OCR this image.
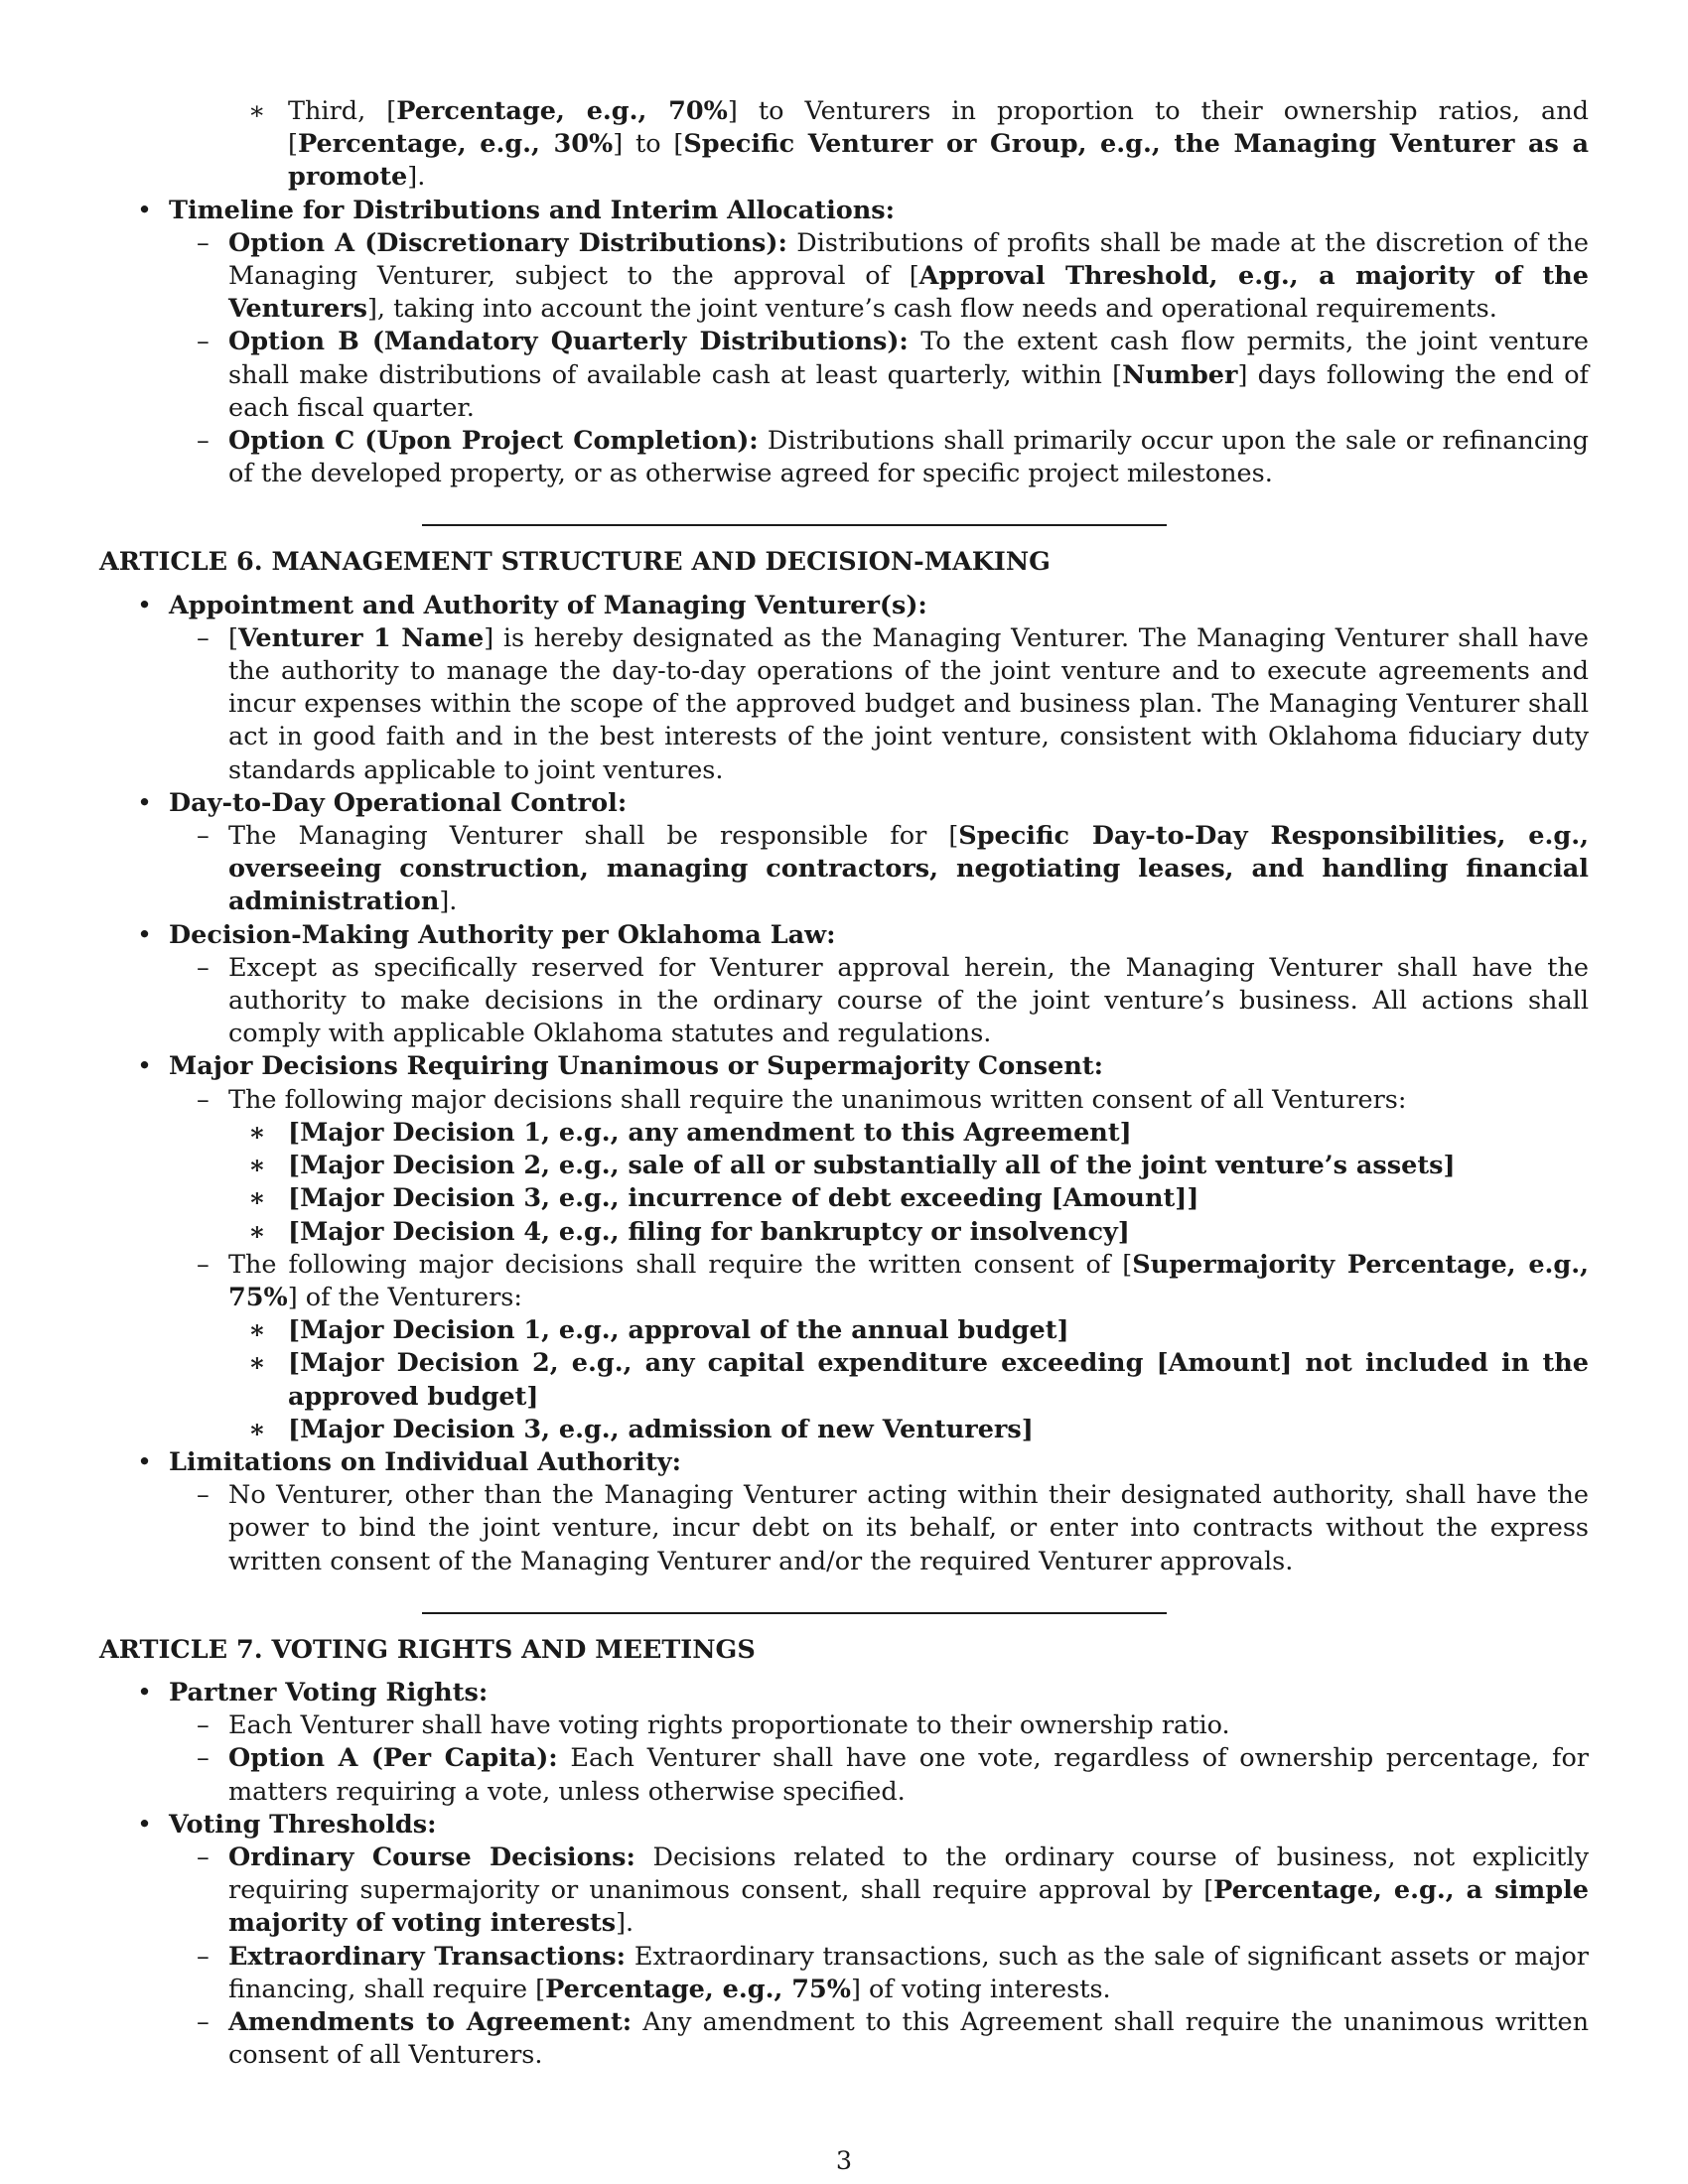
∗ Third, [Percentage, e.g., 70%] to Venturers in proportion to their ownership ratios, and [Percentage, e.g., 30%] to [Specific Venturer or Group, e.g., the Managing Venturer as a promote].
• Timeline for Distributions and Interim Allocations:
– Option A (Discretionary Distributions): Distributions of profits shall be made at the discretion of the Managing Venturer, subject to the approval of [Approval Threshold, e.g., a majority of the Venturers], taking into account the joint venture’s cash flow needs and operational requirements.
– Option B (Mandatory Quarterly Distributions): To the extent cash flow permits, the joint venture shall make distributions of available cash at least quarterly, within [Number] days following the end of each fiscal quarter.
– Option C (Upon Project Completion): Distributions shall primarily occur upon the sale or refinancing of the developed property, or as otherwise agreed for specific project milestones.
ARTICLE 6. MANAGEMENT STRUCTURE AND DECISION-MAKING
• Appointment and Authority of Managing Venturer(s):
– [Venturer 1 Name] is hereby designated as the Managing Venturer. The Managing Venturer shall have the authority to manage the day-to-day operations of the joint venture and to execute agreements and incur expenses within the scope of the approved budget and business plan. The Managing Venturer shall act in good faith and in the best interests of the joint venture, consistent with Oklahoma fiduciary duty standards applicable to joint ventures.
• Day-to-Day Operational Control:
– The Managing Venturer shall be responsible for [Specific Day-to-Day Responsibilities, e.g., overseeing construction, managing contractors, negotiating leases, and handling financial administration].
• Decision-Making Authority per Oklahoma Law:
– Except as specifically reserved for Venturer approval herein, the Managing Venturer shall have the authority to make decisions in the ordinary course of the joint venture’s business. All actions shall comply with applicable Oklahoma statutes and regulations.
• Major Decisions Requiring Unanimous or Supermajority Consent:
– The following major decisions shall require the unanimous written consent of all Venturers:
∗ [Major Decision 1, e.g., any amendment to this Agreement]
∗ [Major Decision 2, e.g., sale of all or substantially all of the joint venture’s assets]
∗ [Major Decision 3, e.g., incurrence of debt exceeding [Amount]]
∗ [Major Decision 4, e.g., filing for bankruptcy or insolvency]
– The following major decisions shall require the written consent of [Supermajority Percentage, e.g., 75%] of the Venturers:
∗ [Major Decision 1, e.g., approval of the annual budget]
∗ [Major Decision 2, e.g., any capital expenditure exceeding [Amount] not included in the approved budget]
∗ [Major Decision 3, e.g., admission of new Venturers]
• Limitations on Individual Authority:
– No Venturer, other than the Managing Venturer acting within their designated authority, shall have the power to bind the joint venture, incur debt on its behalf, or enter into contracts without the express written consent of the Managing Venturer and/or the required Venturer approvals.
ARTICLE 7. VOTING RIGHTS AND MEETINGS
• Partner Voting Rights:
– Each Venturer shall have voting rights proportionate to their ownership ratio.
– Option A (Per Capita): Each Venturer shall have one vote, regardless of ownership percentage, for matters requiring a vote, unless otherwise specified.
• Voting Thresholds:
– Ordinary Course Decisions: Decisions related to the ordinary course of business, not explicitly requiring supermajority or unanimous consent, shall require approval by [Percentage, e.g., a simple majority of voting interests].
– Extraordinary Transactions: Extraordinary transactions, such as the sale of significant assets or major financing, shall require [Percentage, e.g., 75%] of voting interests.
– Amendments to Agreement: Any amendment to this Agreement shall require the unanimous written consent of all Venturers.
3
